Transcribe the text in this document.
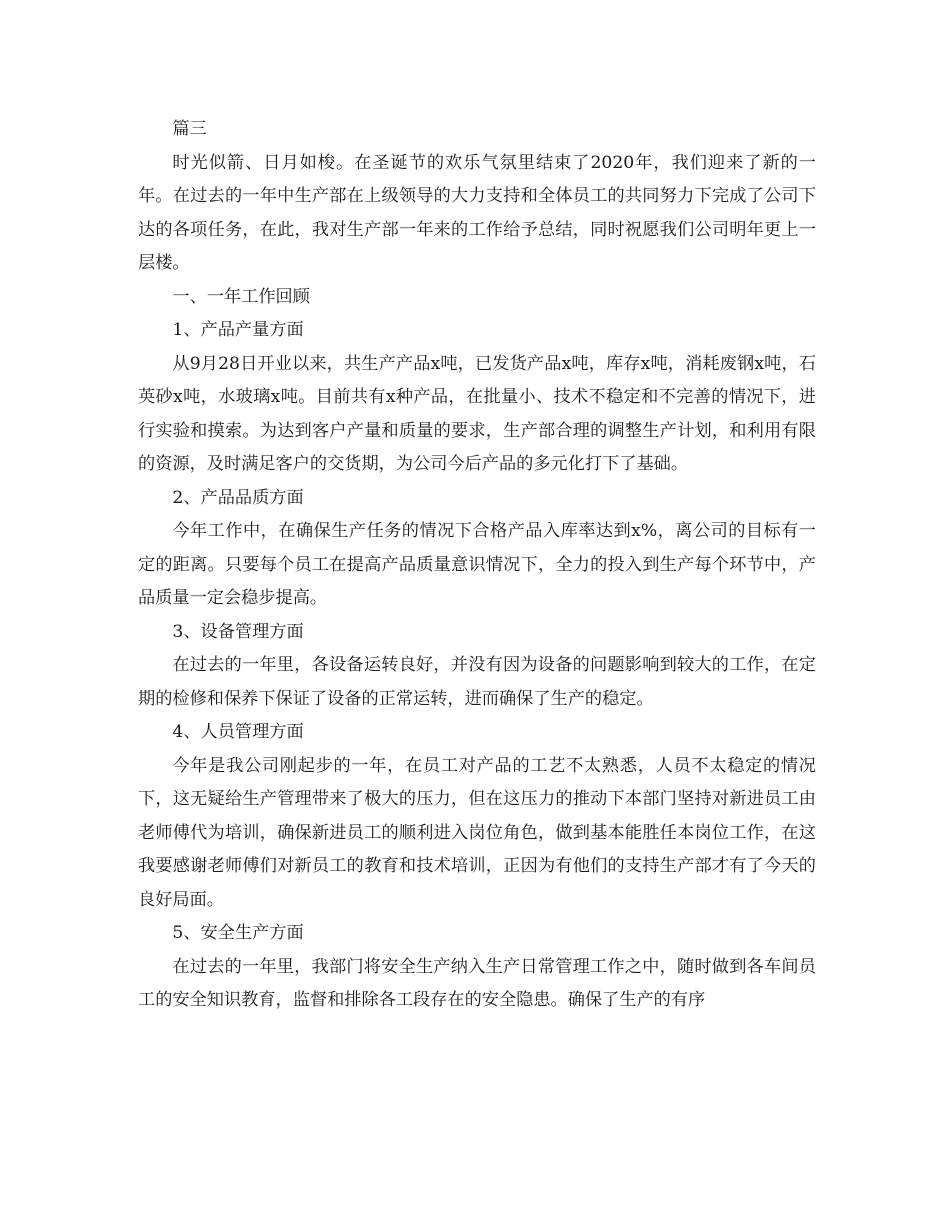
篇三

时光似箭、日月如梭。在圣诞节的欢乐气氛里结束了2020年，我们迎来了新的一年。在过去的一年中生产部在上级领导的大力支持和全体员工的共同努力下完成了公司下达的各项任务，在此，我对生产部一年来的工作给予总结，同时祝愿我们公司明年更上一层楼。

一、一年工作回顾

1、产品产量方面

从9月28日开业以来，共生产产品x吨，已发货产品x吨，库存x吨，消耗废钢x吨，石英砂x吨，水玻璃x吨。目前共有x种产品，在批量小、技术不稳定和不完善的情况下，进行实验和摸索。为达到客户产量和质量的要求，生产部合理的调整生产计划，和利用有限的资源，及时满足客户的交货期，为公司今后产品的多元化打下了基础。

2、产品品质方面

今年工作中，在确保生产任务的情况下合格产品入库率达到x%，离公司的目标有一定的距离。只要每个员工在提高产品质量意识情况下，全力的投入到生产每个环节中，产品质量一定会稳步提高。

3、设备管理方面

在过去的一年里，各设备运转良好，并没有因为设备的问题影响到较大的工作，在定期的检修和保养下保证了设备的正常运转，进而确保了生产的稳定。

4、人员管理方面

今年是我公司刚起步的一年，在员工对产品的工艺不太熟悉，人员不太稳定的情况下，这无疑给生产管理带来了极大的压力，但在这压力的推动下本部门坚持对新进员工由老师傅代为培训，确保新进员工的顺利进入岗位角色，做到基本能胜任本岗位工作，在这我要感谢老师傅们对新员工的教育和技术培训，正因为有他们的支持生产部才有了今天的良好局面。

5、安全生产方面

在过去的一年里，我部门将安全生产纳入生产日常管理工作之中，随时做到各车间员工的安全知识教育，监督和排除各工段存在的安全隐患。确保了生产的有序
